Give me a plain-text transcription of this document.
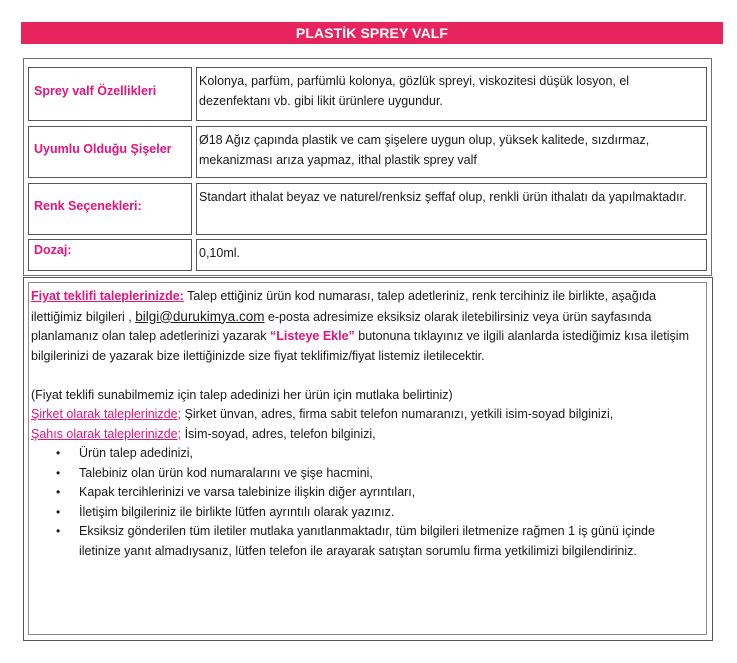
PLASTİK SPREY VALF
Sprey valf Özellikleri
Kolonya, parfüm, parfümlü kolonya, gözlük spreyi, viskozitesi düşük losyon, el dezenfektanı vb. gibi likit ürünlere uygundur.
Uyumlu Olduğu Şişeler
Ø18 Ağız çapında plastik ve cam şişelere uygun olup, yüksek kalitede, sızdırmaz, mekanizması arıza yapmaz, ithal plastik sprey valf
Renk Seçenekleri:
Standart ithalat beyaz ve naturel/renksiz şeffaf olup, renkli ürün ithalatı da yapılmaktadır.
Dozaj:	0,10ml.

Fiyat teklifi taleplerinizde: Talep ettiğiniz ürün kod numarası, talep adetleriniz, renk tercihiniz ile birlikte, aşağıda ilettiğimiz bilgileri , bilgi@durukimya.com e-posta adresimize eksiksiz olarak iletebilirsiniz veya ürün sayfasında planlamanız olan talep adetlerinizi yazarak “Listeye Ekle” butonuna tıklayınız ve ilgili alanlarda istediğimiz kısa iletişim bilgilerinizi de yazarak bize ilettiğinizde size fiyat teklifimiz/fiyat listemiz iletilecektir.

(Fiyat teklifi sunabilmemiz için talep adedinizi her ürün için mutlaka belirtiniz)

Şirket olarak taleplerinizde; Şirket ünvan, adres, firma sabit telefon numaranızı, yetkili isim-soyad bilginizi,

Şahıs olarak taleplerinizde; İsim-soyad, adres, telefon bilginizi,

• Ürün talep adedinizi,
• Talebiniz olan ürün kod numaralarını ve şişe hacmini,
• Kapak tercihlerinizi ve varsa talebinize ilişkin diğer ayrıntıları,
• İletişim bilgileriniz ile birlikte lütfen ayrıntılı olarak yazınız.
• Eksiksiz gönderilen tüm iletiler mutlaka yanıtlanmaktadır, tüm bilgileri iletmenize rağmen 1 iş günü içinde iletinize yanıt almadıysanız, lütfen telefon ile arayarak satıştan sorumlu firma yetkilimizi bilgilendiriniz.
